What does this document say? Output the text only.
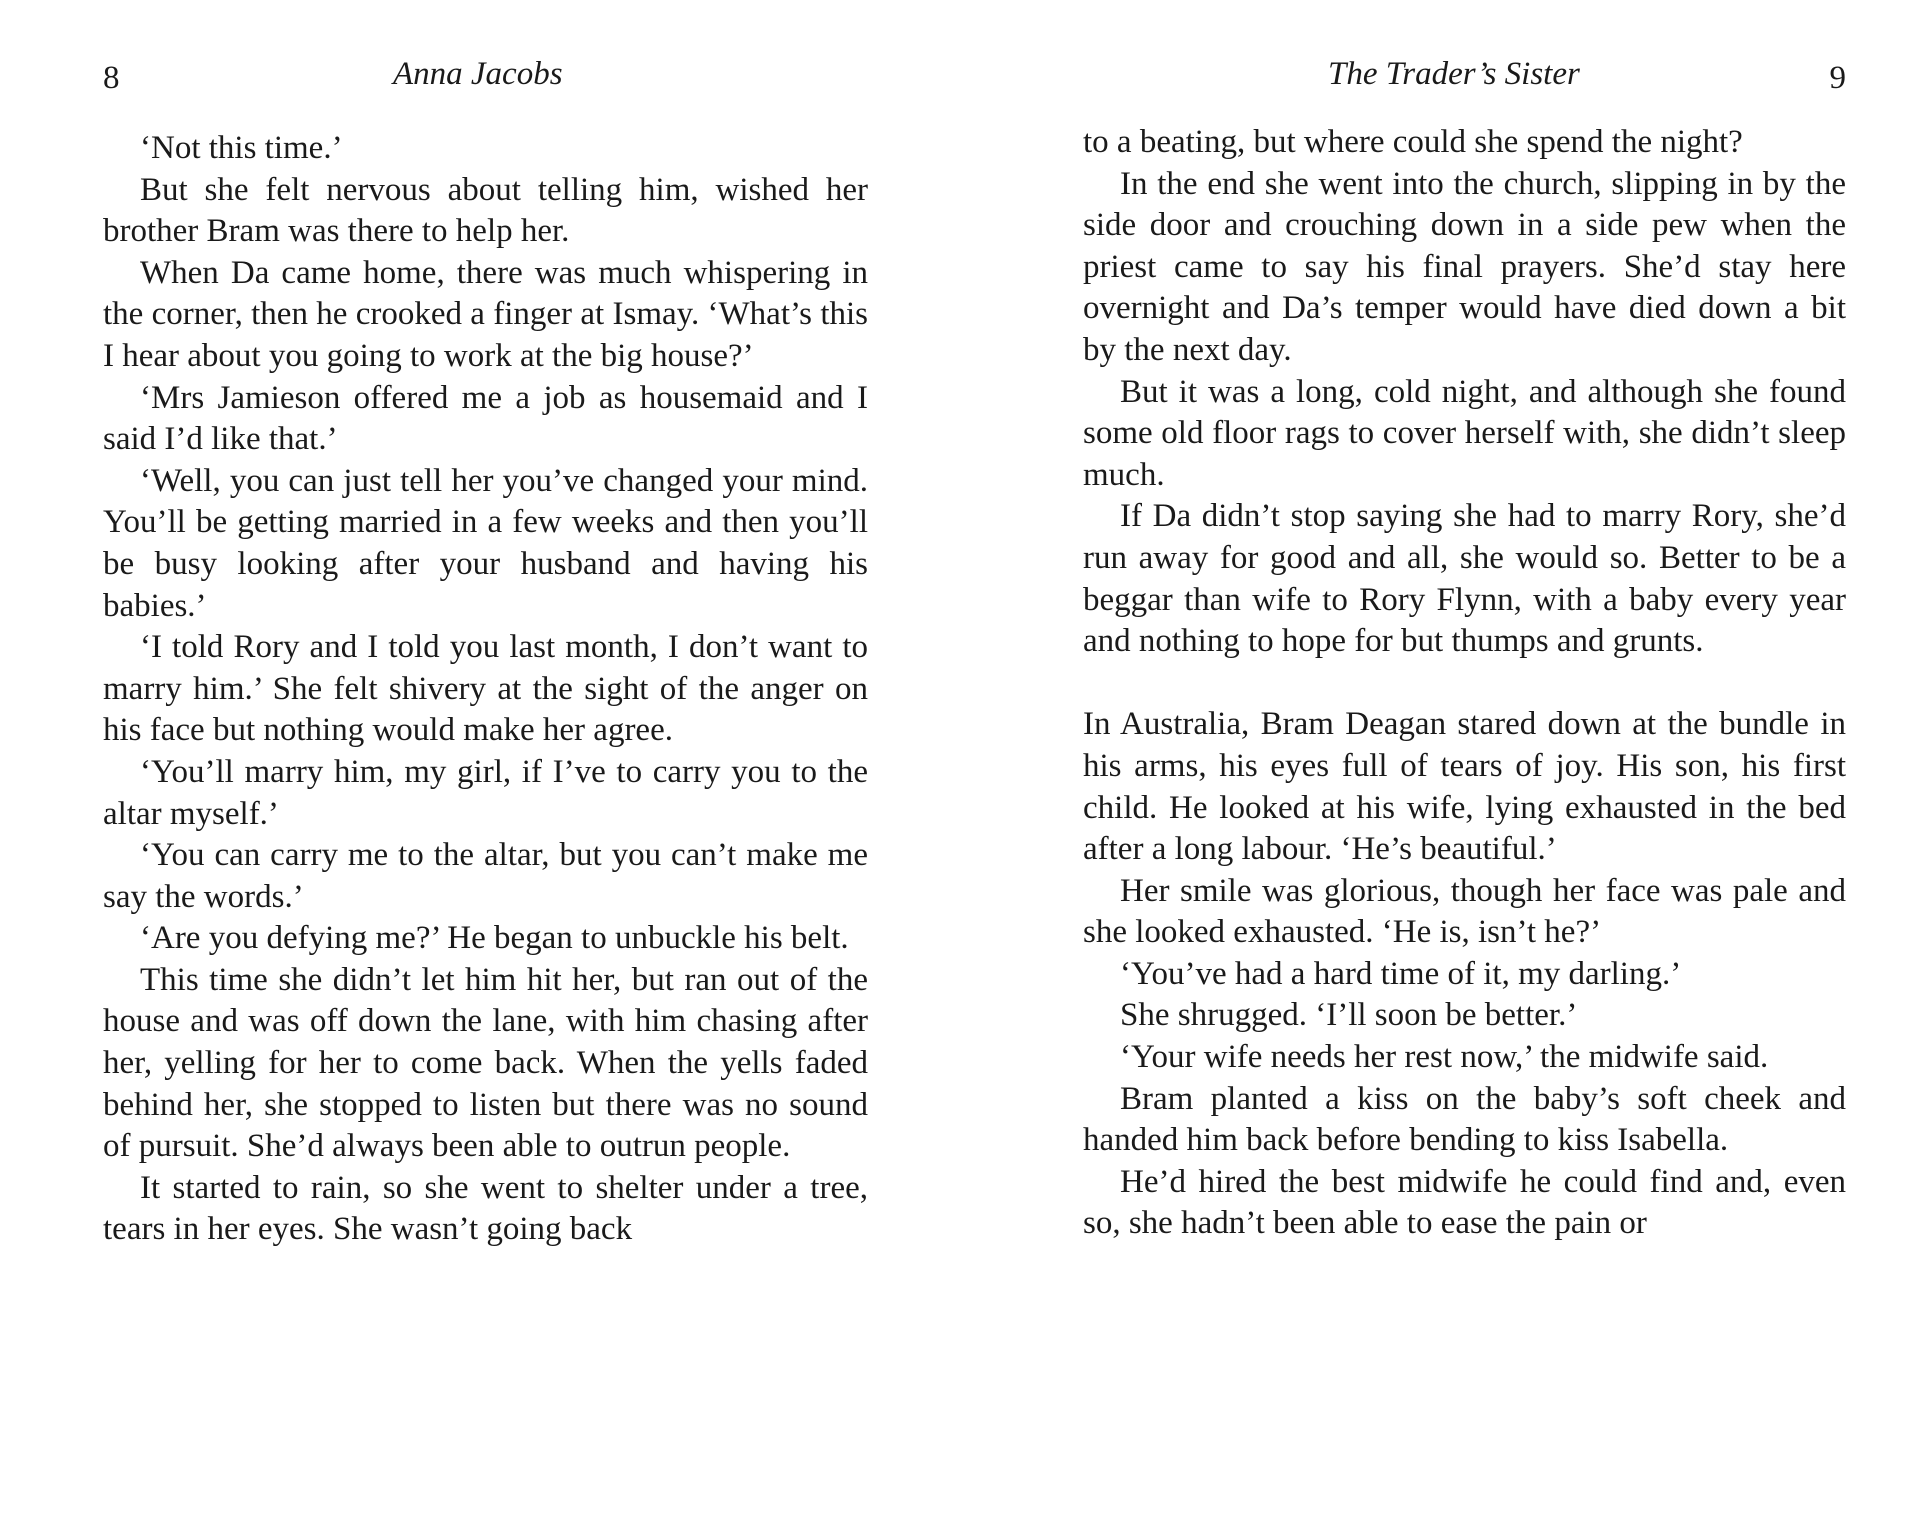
8	Anna Jacobs

‘Not this time.’

But she felt nervous about telling him, wished her brother Bram was there to help her.

When Da came home, there was much whispering in the corner, then he crooked a finger at Ismay. ‘What’s this I hear about you going to work at the big house?’

‘Mrs Jamieson offered me a job as housemaid and I said I’d like that.’

‘Well, you can just tell her you’ve changed your mind. You’ll be getting married in a few weeks and then you’ll be busy looking after your husband and having his babies.’

‘I told Rory and I told you last month, I don’t want to marry him.’ She felt shivery at the sight of the anger on his face but nothing would make her agree.

‘You’ll marry him, my girl, if I’ve to carry you to the altar myself.’

‘You can carry me to the altar, but you can’t make me say the words.’

‘Are you defying me?’ He began to unbuckle his belt.

This time she didn’t let him hit her, but ran out of the house and was off down the lane, with him chasing after her, yelling for her to come back. When the yells faded behind her, she stopped to listen but there was no sound of pursuit. She’d always been able to outrun people.

It started to rain, so she went to shelter under a tree, tears in her eyes. She wasn’t going back

The Trader’s Sister	9

to a beating, but where could she spend the night?

In the end she went into the church, slipping in by the side door and crouching down in a side pew when the priest came to say his final prayers. She’d stay here overnight and Da’s temper would have died down a bit by the next day.

But it was a long, cold night, and although she found some old floor rags to cover herself with, she didn’t sleep much.

If Da didn’t stop saying she had to marry Rory, she’d run away for good and all, she would so. Better to be a beggar than wife to Rory Flynn, with a baby every year and nothing to hope for but thumps and grunts.

In Australia, Bram Deagan stared down at the bundle in his arms, his eyes full of tears of joy. His son, his first child. He looked at his wife, lying exhausted in the bed after a long labour. ‘He’s beautiful.’

Her smile was glorious, though her face was pale and she looked exhausted. ‘He is, isn’t he?’

‘You’ve had a hard time of it, my darling.’

She shrugged. ‘I’ll soon be better.’

‘Your wife needs her rest now,’ the midwife said.

Bram planted a kiss on the baby’s soft cheek and handed him back before bending to kiss Isabella.

He’d hired the best midwife he could find and, even so, she hadn’t been able to ease the pain or
